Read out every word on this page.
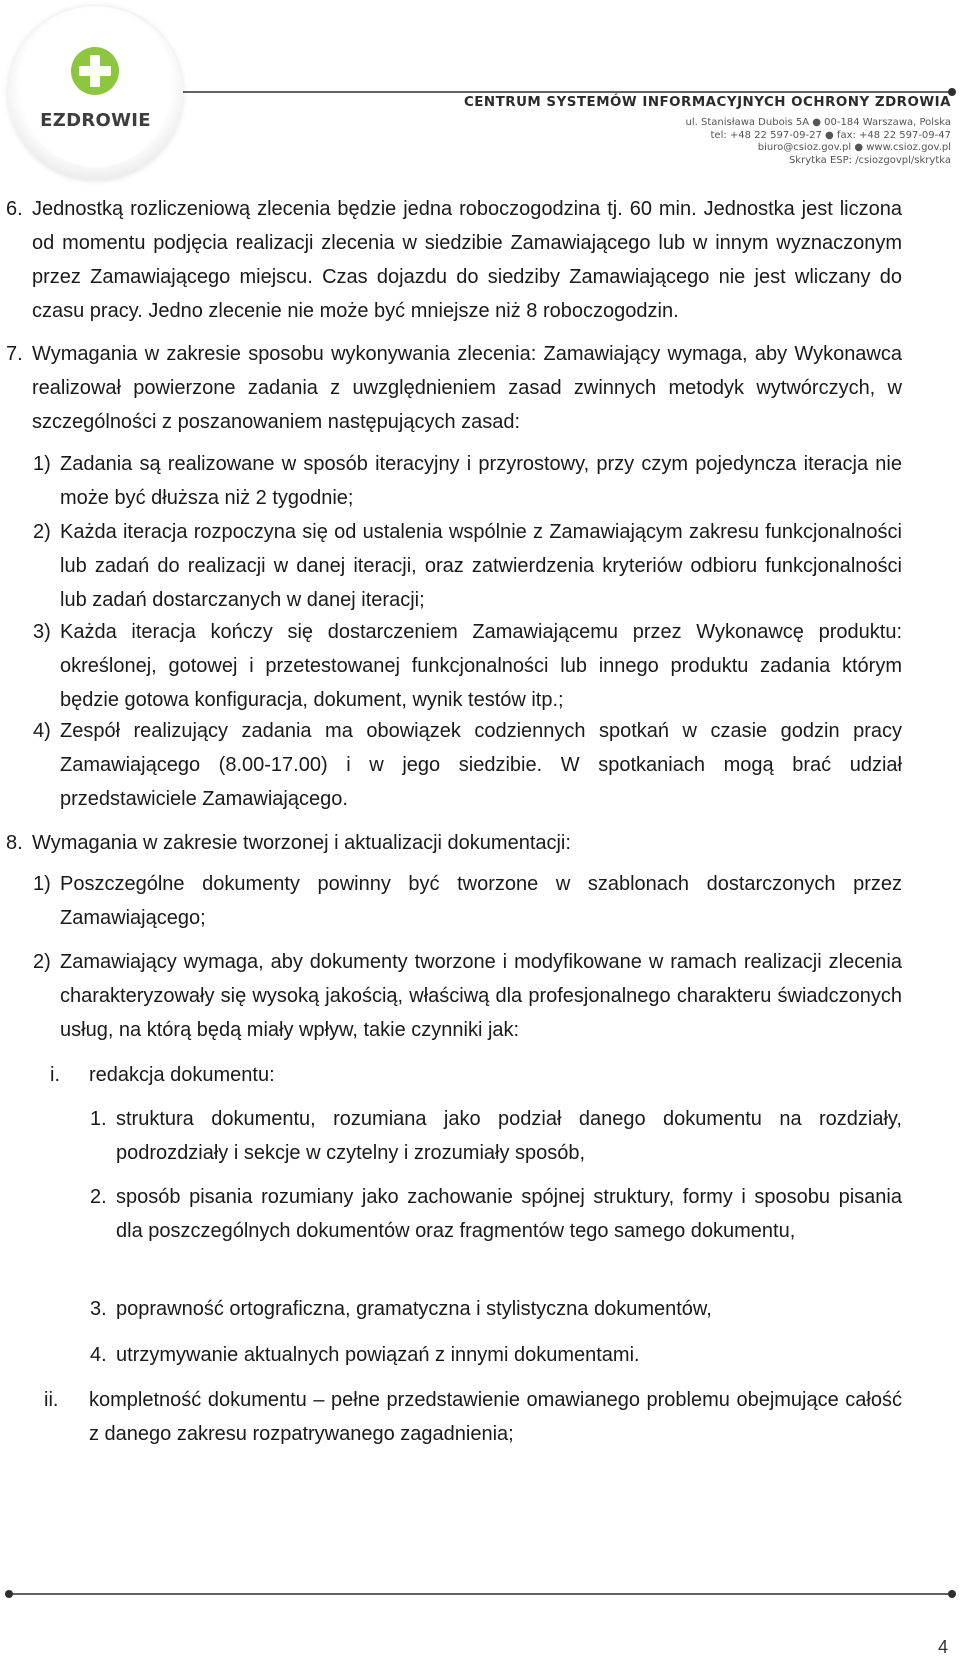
EZDROWIE
CENTRUM SYSTEMÓW INFORMACYJNYCH OCHRONY ZDROWIA
ul. Stanisława Dubois 5A ● 00-184 Warszawa, Polska
tel: +48 22 597-09-27 ● fax: +48 22 597-09-47
biuro@csioz.gov.pl ● www.csioz.gov.pl
Skrytka ESP: /csiozgovpl/skrytka
6. Jednostką rozliczeniową zlecenia będzie jedna roboczogodzina tj. 60 min. Jednostka jest liczona od momentu podjęcia realizacji zlecenia w siedzibie Zamawiającego lub w innym wyznaczonym przez Zamawiającego miejscu. Czas dojazdu do siedziby Zamawiającego nie jest wliczany do czasu pracy. Jedno zlecenie nie może być mniejsze niż 8 roboczogodzin.
7. Wymagania w zakresie sposobu wykonywania zlecenia: Zamawiający wymaga, aby Wykonawca realizował powierzone zadania z uwzględnieniem zasad zwinnych metodyk wytwórczych, w szczególności z poszanowaniem następujących zasad:
1) Zadania są realizowane w sposób iteracyjny i przyrostowy, przy czym pojedyncza iteracja nie może być dłuższa niż 2 tygodnie;
2) Każda iteracja rozpoczyna się od ustalenia wspólnie z Zamawiającym zakresu funkcjonalności lub zadań do realizacji w danej iteracji, oraz zatwierdzenia kryteriów odbioru funkcjonalności lub zadań dostarczanych w danej iteracji;
3) Każda iteracja kończy się dostarczeniem Zamawiającemu przez Wykonawcę produktu: określonej, gotowej i przetestowanej funkcjonalności lub innego produktu zadania którym będzie gotowa konfiguracja, dokument, wynik testów itp.;
4) Zespół realizujący zadania ma obowiązek codziennych spotkań w czasie godzin pracy Zamawiającego (8.00-17.00) i w jego siedzibie. W spotkaniach mogą brać udział przedstawiciele Zamawiającego.
8. Wymagania w zakresie tworzonej i aktualizacji dokumentacji:
1) Poszczególne dokumenty powinny być tworzone w szablonach dostarczonych przez Zamawiającego;
2) Zamawiający wymaga, aby dokumenty tworzone i modyfikowane w ramach realizacji zlecenia charakteryzowały się wysoką jakością, właściwą dla profesjonalnego charakteru świadczonych usług, na którą będą miały wpływ, takie czynniki jak:
i.	redakcja dokumentu:
1. struktura dokumentu, rozumiana jako podział danego dokumentu na rozdziały, podrozdziały i sekcje w czytelny i zrozumiały sposób,
2. sposób pisania rozumiany jako zachowanie spójnej struktury, formy i sposobu pisania dla poszczególnych dokumentów oraz fragmentów tego samego dokumentu,
3. poprawność ortograficzna, gramatyczna i stylistyczna dokumentów,
4. utrzymywanie aktualnych powiązań z innymi dokumentami.
ii.	kompletność dokumentu – pełne przedstawienie omawianego problemu obejmujące całość z danego zakresu rozpatrywanego zagadnienia;
4
